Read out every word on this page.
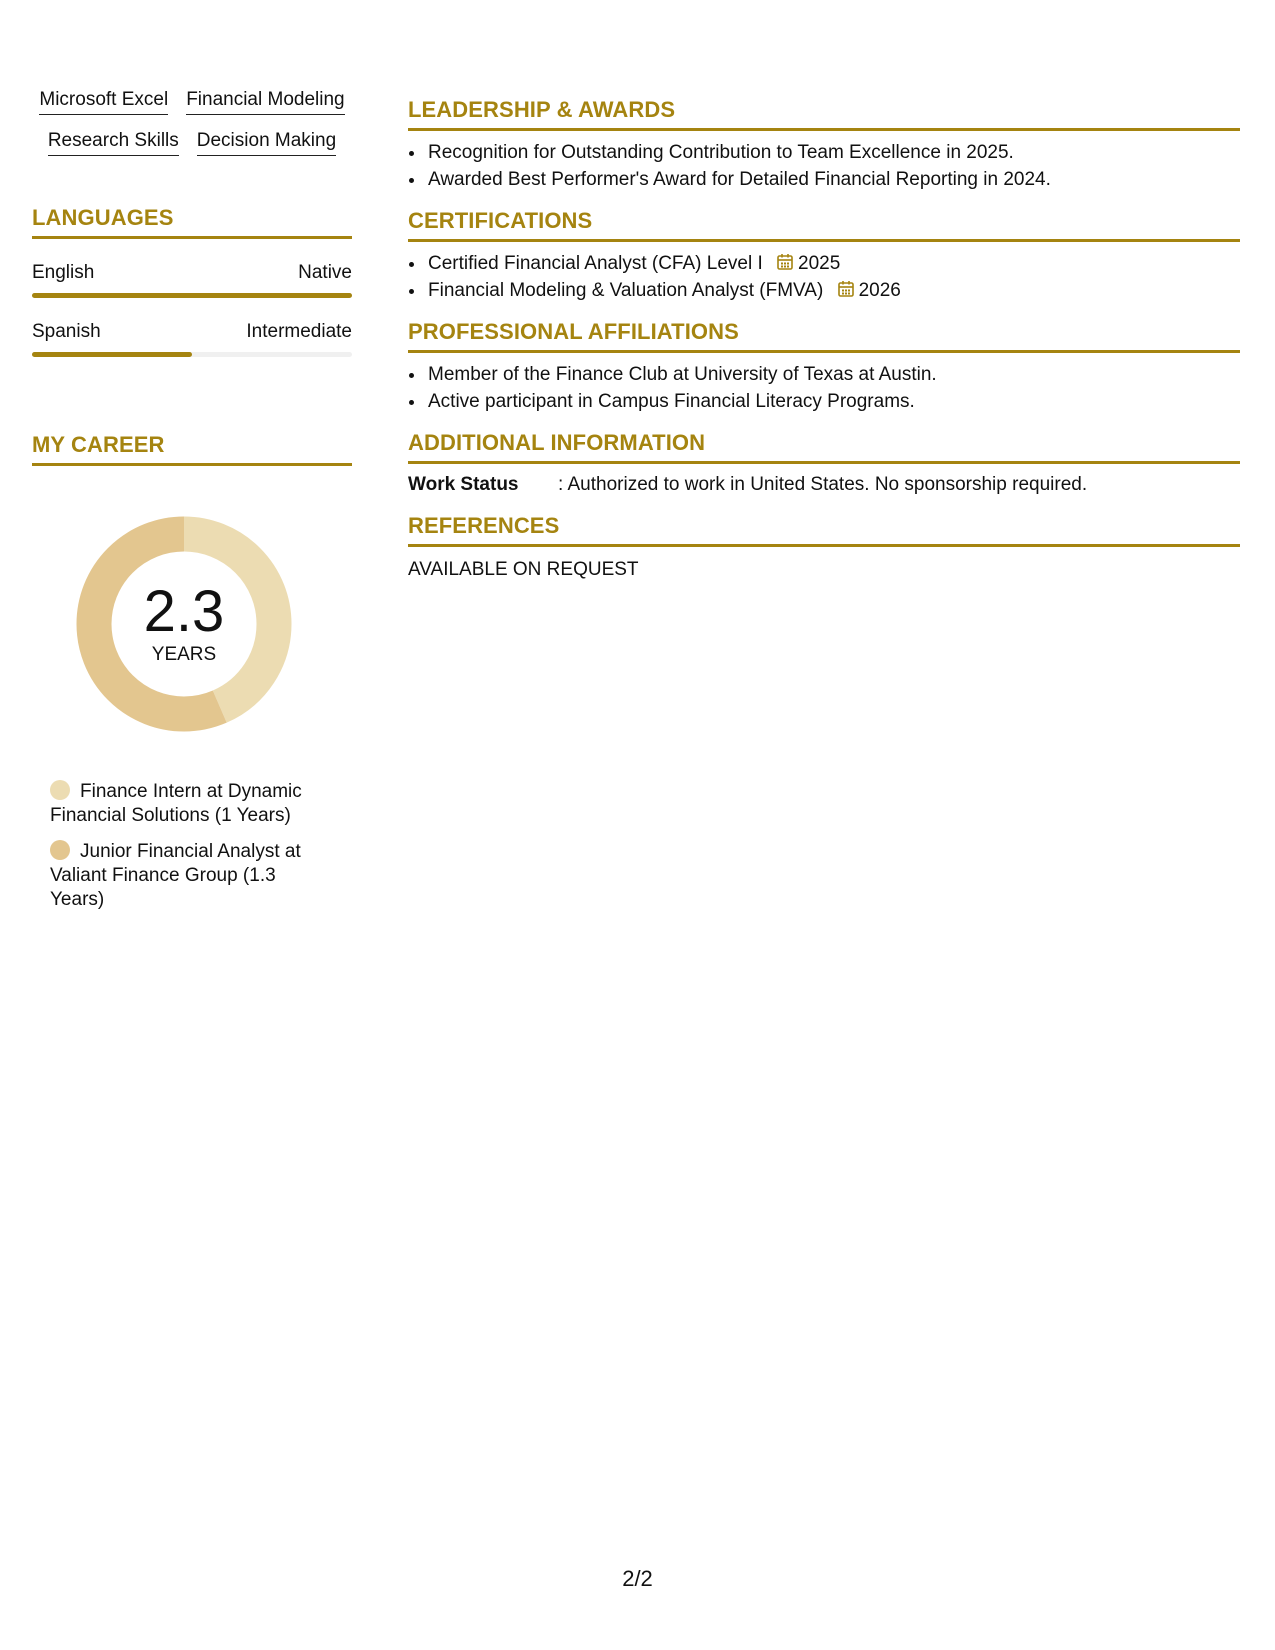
Microsoft Excel Financial Modeling
Research Skills Decision Making
LANGUAGES
English	Native
Spanish	Intermediate
MY CAREER
2.3
YEARS
Finance Intern at Dynamic Financial Solutions (1 Years)
Junior Financial Analyst at Valiant Finance Group (1.3 Years)
LEADERSHIP & AWARDS
• Recognition for Outstanding Contribution to Team Excellence in 2025.
• Awarded Best Performer's Award for Detailed Financial Reporting in 2024.
CERTIFICATIONS
• Certified Financial Analyst (CFA) Level I 2025
• Financial Modeling & Valuation Analyst (FMVA) 2026
PROFESSIONAL AFFILIATIONS
• Member of the Finance Club at University of Texas at Austin.
• Active participant in Campus Financial Literacy Programs.
ADDITIONAL INFORMATION
Work Status	: Authorized to work in United States. No sponsorship required.
REFERENCES
AVAILABLE ON REQUEST
2/2
